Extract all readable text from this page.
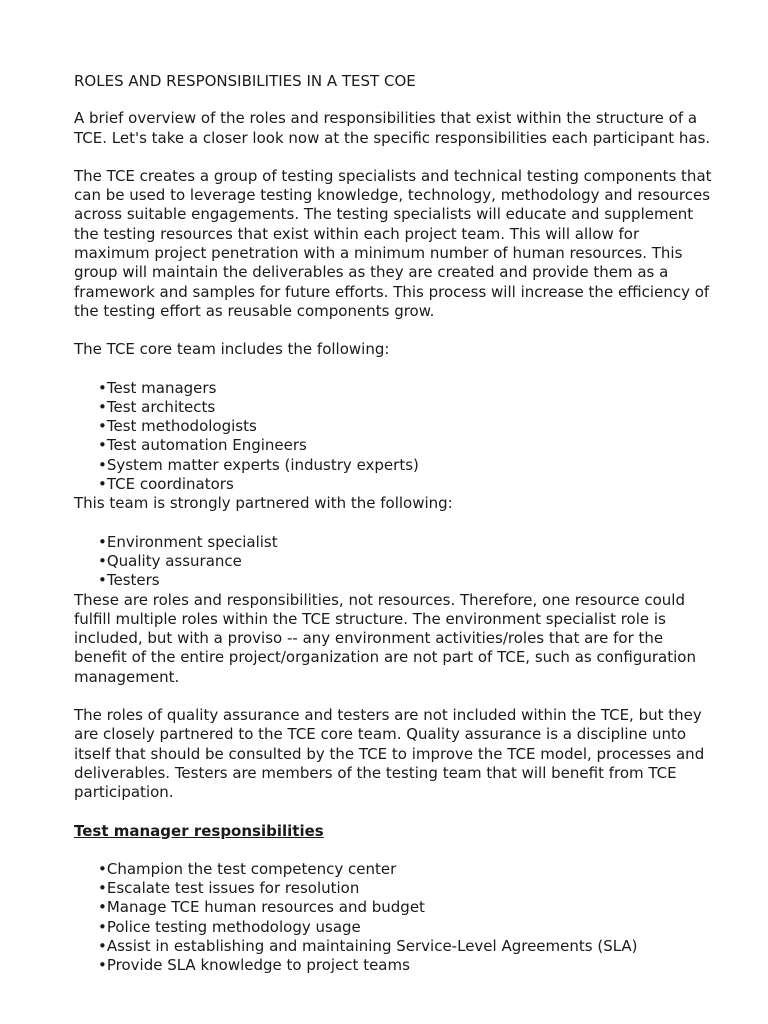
ROLES AND RESPONSIBILITIES IN A TEST COE

A brief overview of the roles and responsibilities that exist within the structure of a TCE. Let's take a closer look now at the specific responsibilities each participant has.

The TCE creates a group of testing specialists and technical testing components that can be used to leverage testing knowledge, technology, methodology and resources across suitable engagements. The testing specialists will educate and supplement the testing resources that exist within each project team. This will allow for maximum project penetration with a minimum number of human resources. This group will maintain the deliverables as they are created and provide them as a framework and samples for future efforts. This process will increase the efficiency of the testing effort as reusable components grow.

The TCE core team includes the following:

•Test managers
•Test architects
•Test methodologists
•Test automation Engineers
•System matter experts (industry experts)
•TCE coordinators

This team is strongly partnered with the following:

•Environment specialist
•Quality assurance
•Testers

These are roles and responsibilities, not resources. Therefore, one resource could fulfill multiple roles within the TCE structure. The environment specialist role is included, but with a proviso -- any environment activities/roles that are for the benefit of the entire project/organization are not part of TCE, such as configuration management.

The roles of quality assurance and testers are not included within the TCE, but they are closely partnered to the TCE core team. Quality assurance is a discipline unto itself that should be consulted by the TCE to improve the TCE model, processes and deliverables. Testers are members of the testing team that will benefit from TCE participation.

Test manager responsibilities

•Champion the test competency center
•Escalate test issues for resolution
•Manage TCE human resources and budget
•Police testing methodology usage
•Assist in establishing and maintaining Service-Level Agreements (SLA)
•Provide SLA knowledge to project teams
